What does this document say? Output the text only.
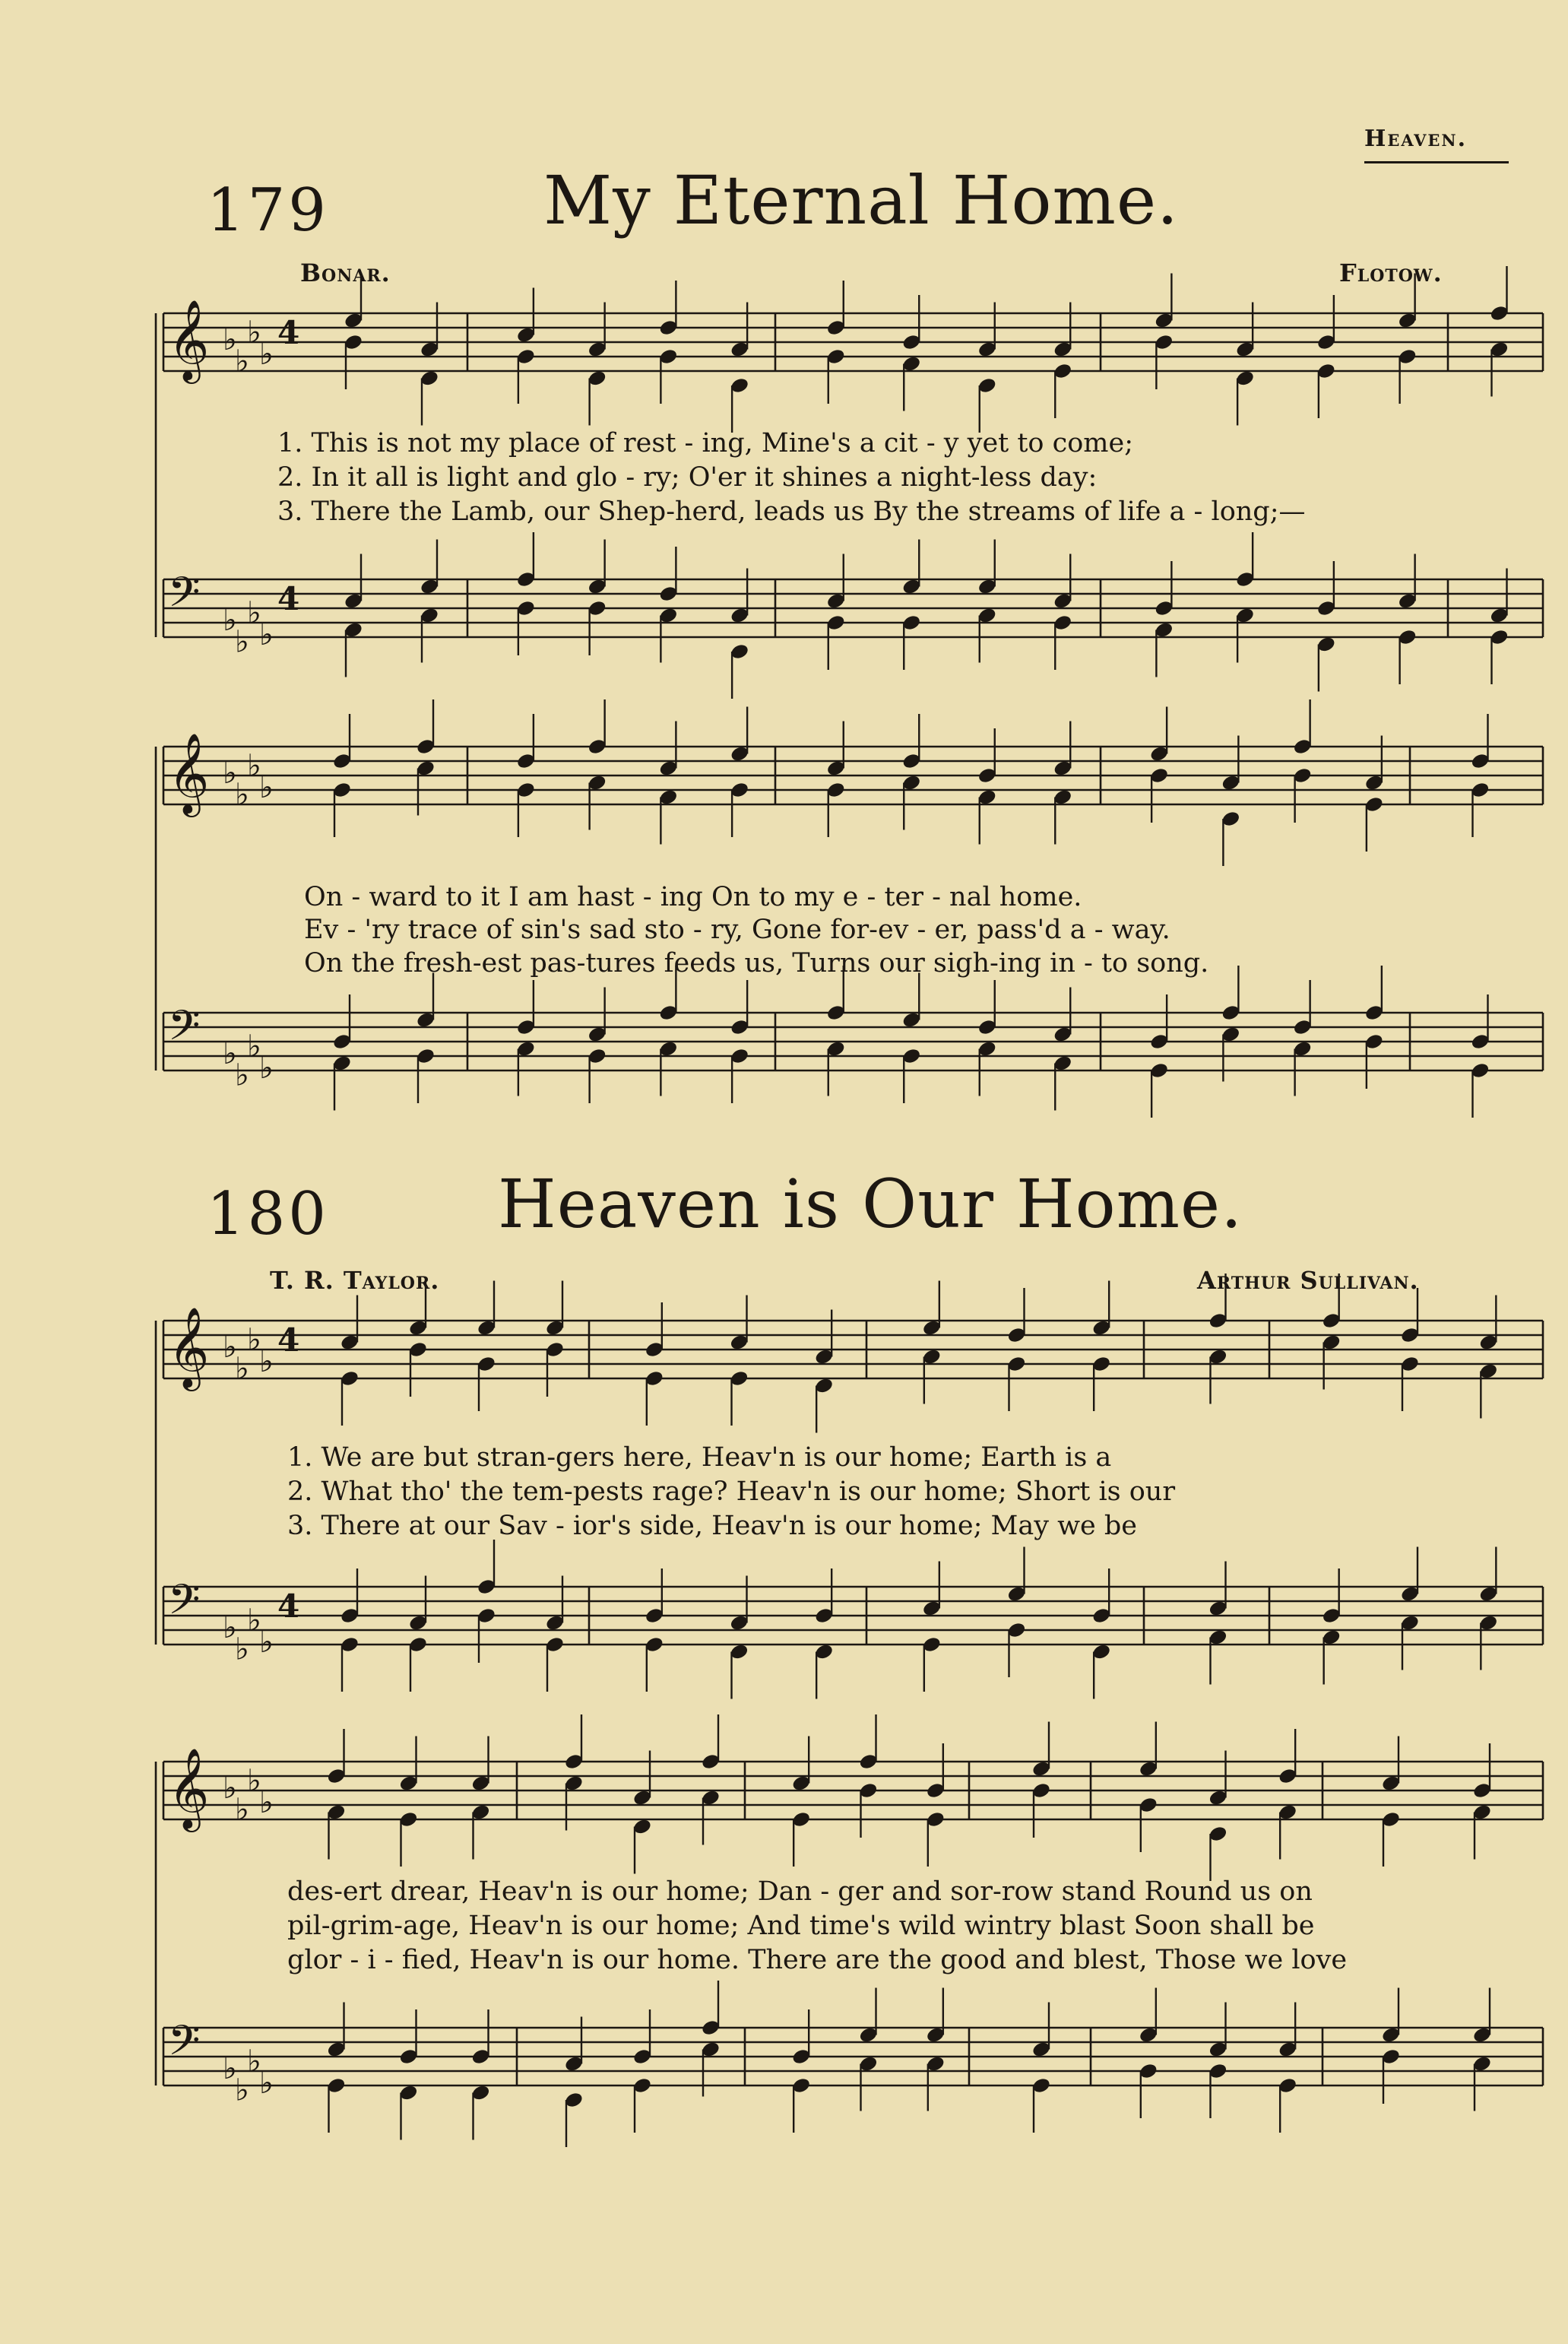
Heaven.
179	My Eternal Home.
Bonar.	Flotow.
𝄞 ♭
♭
♭
♭
4
𝄢 ♭
♭
♭
♭
4
1. This is not my place of rest - ing, Mine's a cit - y yet to come;
2. In it all is light and glo - ry; O'er it shines a night-less day:
3. There the Lamb, our Shep-herd, leads us By the streams of life a - long;—
𝄞 ♭
♭
♭
♭
𝄢 ♭
♭
♭
♭
On - ward to it I am hast - ing On to my e - ter - nal home.
Ev - 'ry trace of sin's sad sto - ry, Gone for-ev - er, pass'd a - way.
On the fresh-est pas-tures feeds us, Turns our sigh-ing in - to song.
180	Heaven is Our Home.
T. R. Taylor.	Arthur Sullivan.
𝄞 ♭
♭
♭
♭
4
𝄢 ♭
♭
♭
♭
4
1. We are but stran-gers here, Heav'n is our home; Earth is a
2. What tho' the tem-pests rage? Heav'n is our home; Short is our
3. There at our Sav - ior's side, Heav'n is our home; May we be
𝄞 ♭
♭
♭
♭
𝄢 ♭
♭
♭
♭
des-ert drear, Heav'n is our home; Dan - ger and sor-row stand Round us on
pil-grim-age, Heav'n is our home; And time's wild wintry blast Soon shall be
glor - i - fied, Heav'n is our home. There are the good and blest, Those we love
